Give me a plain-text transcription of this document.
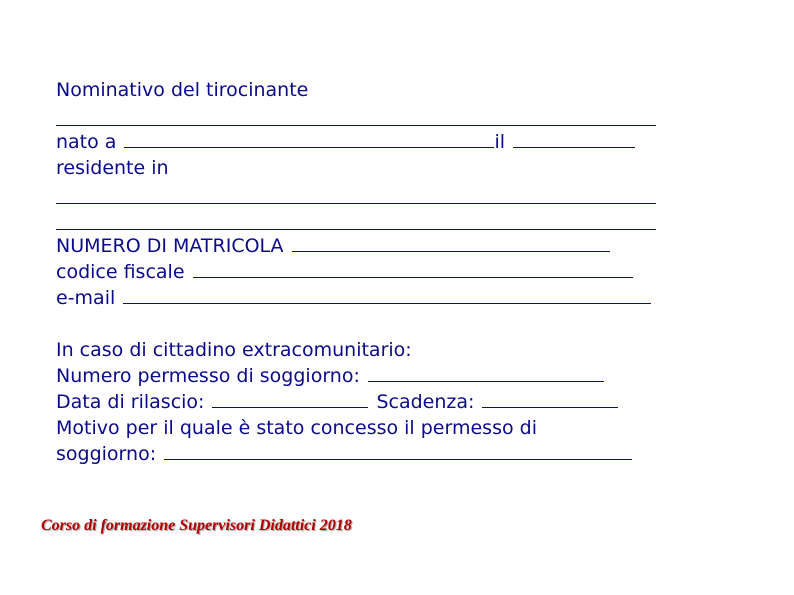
Nominativo del tirocinante
nato a	il
residente in
NUMERO DI MATRICOLA
codice fiscale
e-mail
In caso di cittadino extracomunitario:
Numero permesso di soggiorno:
Data di rilascio:	Scadenza:
Motivo per il quale è stato concesso il permesso di
soggiorno:
Corso di formazione Supervisori Didattici 2018
